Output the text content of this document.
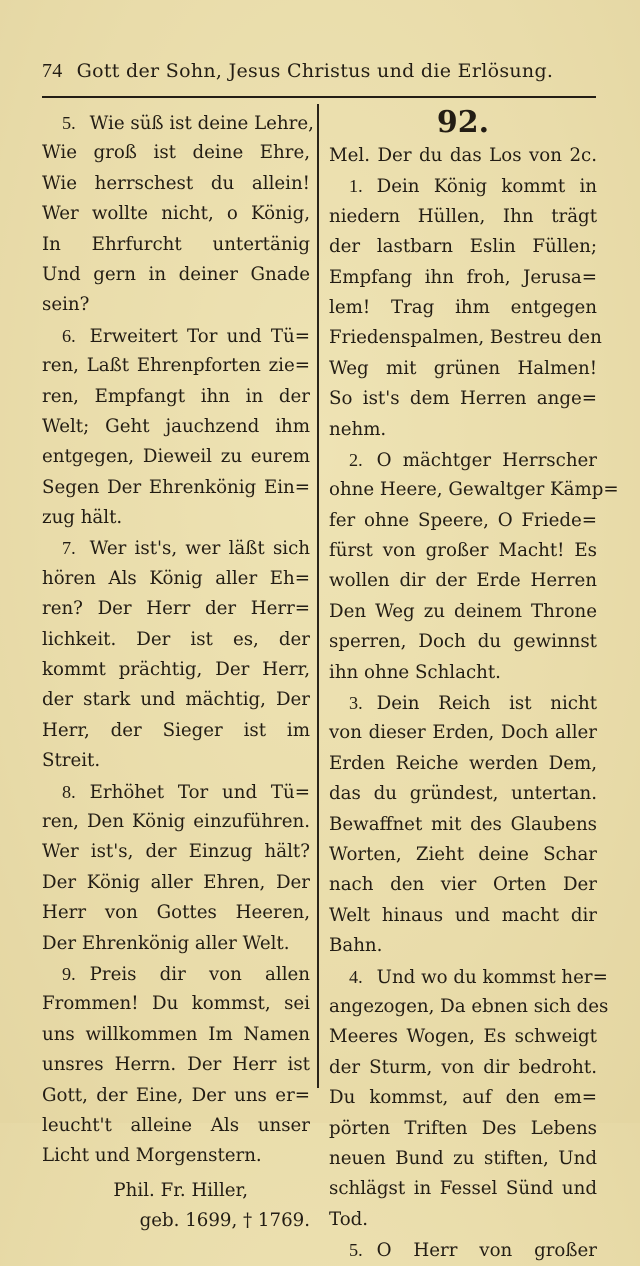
74 Gott der Sohn, Jesus Christus und die Erlösung.
5. Wie süß ist deine Lehre,
Wie groß ist deine Ehre,
Wie herrschest du allein!
Wer wollte nicht, o König,
In Ehrfurcht untertänig
Und gern in deiner Gnade
sein?
6. Erweitert Tor und Tü=
ren, Laßt Ehrenpforten zie=
ren, Empfangt ihn in der
Welt; Geht jauchzend ihm
entgegen, Dieweil zu eurem
Segen Der Ehrenkönig Ein=
zug hält.
7. Wer ist's, wer läßt sich
hören Als König aller Eh=
ren? Der Herr der Herr=
lichkeit. Der ist es, der
kommt prächtig, Der Herr,
der stark und mächtig, Der
Herr, der Sieger ist im
Streit.
8. Erhöhet Tor und Tü=
ren, Den König einzuführen.
Wer ist's, der Einzug hält?
Der König aller Ehren, Der
Herr von Gottes Heeren,
Der Ehrenkönig aller Welt.
9. Preis dir von allen
Frommen! Du kommst, sei
uns willkommen Im Namen
unsres Herrn. Der Herr ist
Gott, der Eine, Der uns er=
leucht't alleine Als unser
Licht und Morgenstern.
Phil. Fr. Hiller,
geb. 1699, † 1769.
92.
Mel. Der du das Los von 2c.
1. Dein König kommt in
niedern Hüllen, Ihn trägt
der lastbarn Eslin Füllen;
Empfang ihn froh, Jerusa=
lem! Trag ihm entgegen
Friedenspalmen, Bestreu den
Weg mit grünen Halmen!
So ist's dem Herren ange=
nehm.
2. O mächtger Herrscher
ohne Heere, Gewaltger Kämp=
fer ohne Speere, O Friede=
fürst von großer Macht! Es
wollen dir der Erde Herren
Den Weg zu deinem Throne
sperren, Doch du gewinnst
ihn ohne Schlacht.
3. Dein Reich ist nicht
von dieser Erden, Doch aller
Erden Reiche werden Dem,
das du gründest, untertan.
Bewaffnet mit des Glaubens
Worten, Zieht deine Schar
nach den vier Orten Der
Welt hinaus und macht dir
Bahn.
4. Und wo du kommst her=
angezogen, Da ebnen sich des
Meeres Wogen, Es schweigt
der Sturm, von dir bedroht.
Du kommst, auf den em=
pörten Triften Des Lebens
neuen Bund zu stiften, Und
schlägst in Fessel Sünd und
Tod.
5. O Herr von großer
